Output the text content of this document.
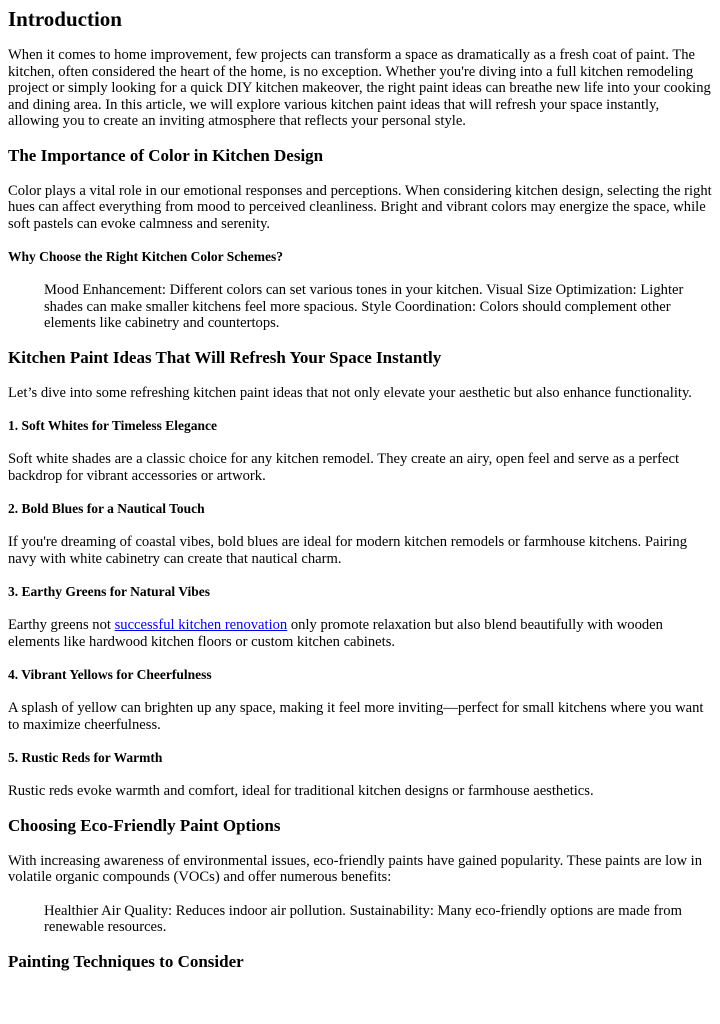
Introduction

When it comes to home improvement, few projects can transform a space as dramatically as a fresh coat of paint. The kitchen, often considered the heart of the home, is no exception. Whether you're diving into a full kitchen remodeling project or simply looking for a quick DIY kitchen makeover, the right paint ideas can breathe new life into your cooking and dining area. In this article, we will explore various kitchen paint ideas that will refresh your space instantly, allowing you to create an inviting atmosphere that reflects your personal style.

The Importance of Color in Kitchen Design

Color plays a vital role in our emotional responses and perceptions. When considering kitchen design, selecting the right hues can affect everything from mood to perceived cleanliness. Bright and vibrant colors may energize the space, while soft pastels can evoke calmness and serenity.

Why Choose the Right Kitchen Color Schemes?
Mood Enhancement: Different colors can set various tones in your kitchen. Visual Size Optimization: Lighter shades can make smaller kitchens feel more spacious. Style Coordination: Colors should complement other elements like cabinetry and countertops.
Kitchen Paint Ideas That Will Refresh Your Space Instantly

Let’s dive into some refreshing kitchen paint ideas that not only elevate your aesthetic but also enhance functionality.

1. Soft Whites for Timeless Elegance

Soft white shades are a classic choice for any kitchen remodel. They create an airy, open feel and serve as a perfect backdrop for vibrant accessories or artwork.

2. Bold Blues for a Nautical Touch

If you're dreaming of coastal vibes, bold blues are ideal for modern kitchen remodels or farmhouse kitchens. Pairing navy with white cabinetry can create that nautical charm.

3. Earthy Greens for Natural Vibes

Earthy greens not successful kitchen renovation only promote relaxation but also blend beautifully with wooden elements like hardwood kitchen floors or custom kitchen cabinets.

4. Vibrant Yellows for Cheerfulness

A splash of yellow can brighten up any space, making it feel more inviting—perfect for small kitchens where you want to maximize cheerfulness.

5. Rustic Reds for Warmth

Rustic reds evoke warmth and comfort, ideal for traditional kitchen designs or farmhouse aesthetics.

Choosing Eco-Friendly Paint Options

With increasing awareness of environmental issues, eco-friendly paints have gained popularity. These paints are low in volatile organic compounds (VOCs) and offer numerous benefits:

Healthier Air Quality: Reduces indoor air pollution. Sustainability: Many eco-friendly options are made from renewable resources.
Painting Techniques to Consider
